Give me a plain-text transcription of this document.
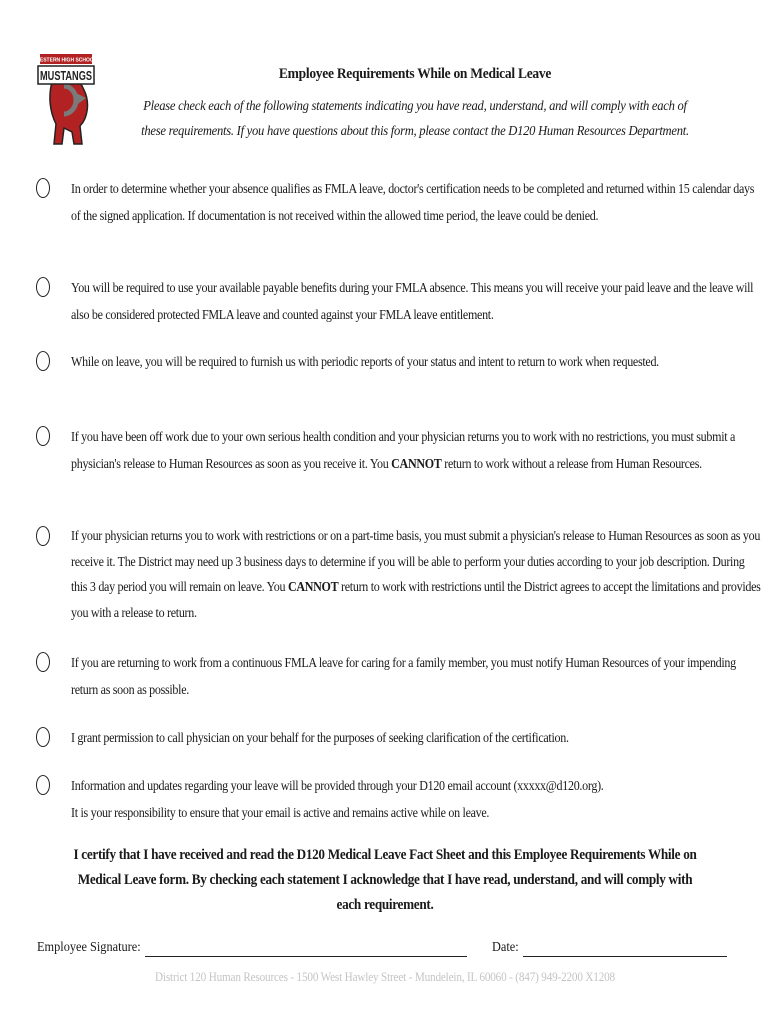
WESTERN HIGH SCHOOL
MUSTANGS	Employee Requirements While on Medical Leave
Please check each of the following statements indicating you have read, understand, and will comply with each of these requirements. If you have questions about this form, please contact the D120 Human Resources Department.
In order to determine whether your absence qualifies as FMLA leave, doctor's certification needs to be completed and returned within 15 calendar days of the signed application. If documentation is not received within the allowed time period, the leave could be denied.
You will be required to use your available payable benefits during your FMLA absence. This means you will receive your paid leave and the leave will also be considered protected FMLA leave and counted against your FMLA leave entitlement.
While on leave, you will be required to furnish us with periodic reports of your status and intent to return to work when requested.
If you have been off work due to your own serious health condition and your physician returns you to work with no restrictions, you must submit a physician's release to Human Resources as soon as you receive it. You CANNOT return to work without a release from Human Resources.
If your physician returns you to work with restrictions or on a part-time basis, you must submit a physician's release to Human Resources as soon as you receive it. The District may need up 3 business days to determine if you will be able to perform your duties according to your job description. During this 3 day period you will remain on leave. You CANNOT return to work with restrictions until the District agrees to accept the limitations and provides you with a release to return.
If you are returning to work from a continuous FMLA leave for caring for a family member, you must notify Human Resources of your impending return as soon as possible.
I grant permission to call physician on your behalf for the purposes of seeking clarification of the certification.
Information and updates regarding your leave will be provided through your D120 email account (xxxxx@d120.org).
It is your responsibility to ensure that your email is active and remains active while on leave.
I certify that I have received and read the D120 Medical Leave Fact Sheet and this Employee Requirements While on Medical Leave form. By checking each statement I acknowledge that I have read, understand, and will comply with each requirement.
Employee Signature:	Date:
District 120 Human Resources - 1500 West Hawley Street - Mundelein, IL 60060 - (847) 949-2200 X1208
